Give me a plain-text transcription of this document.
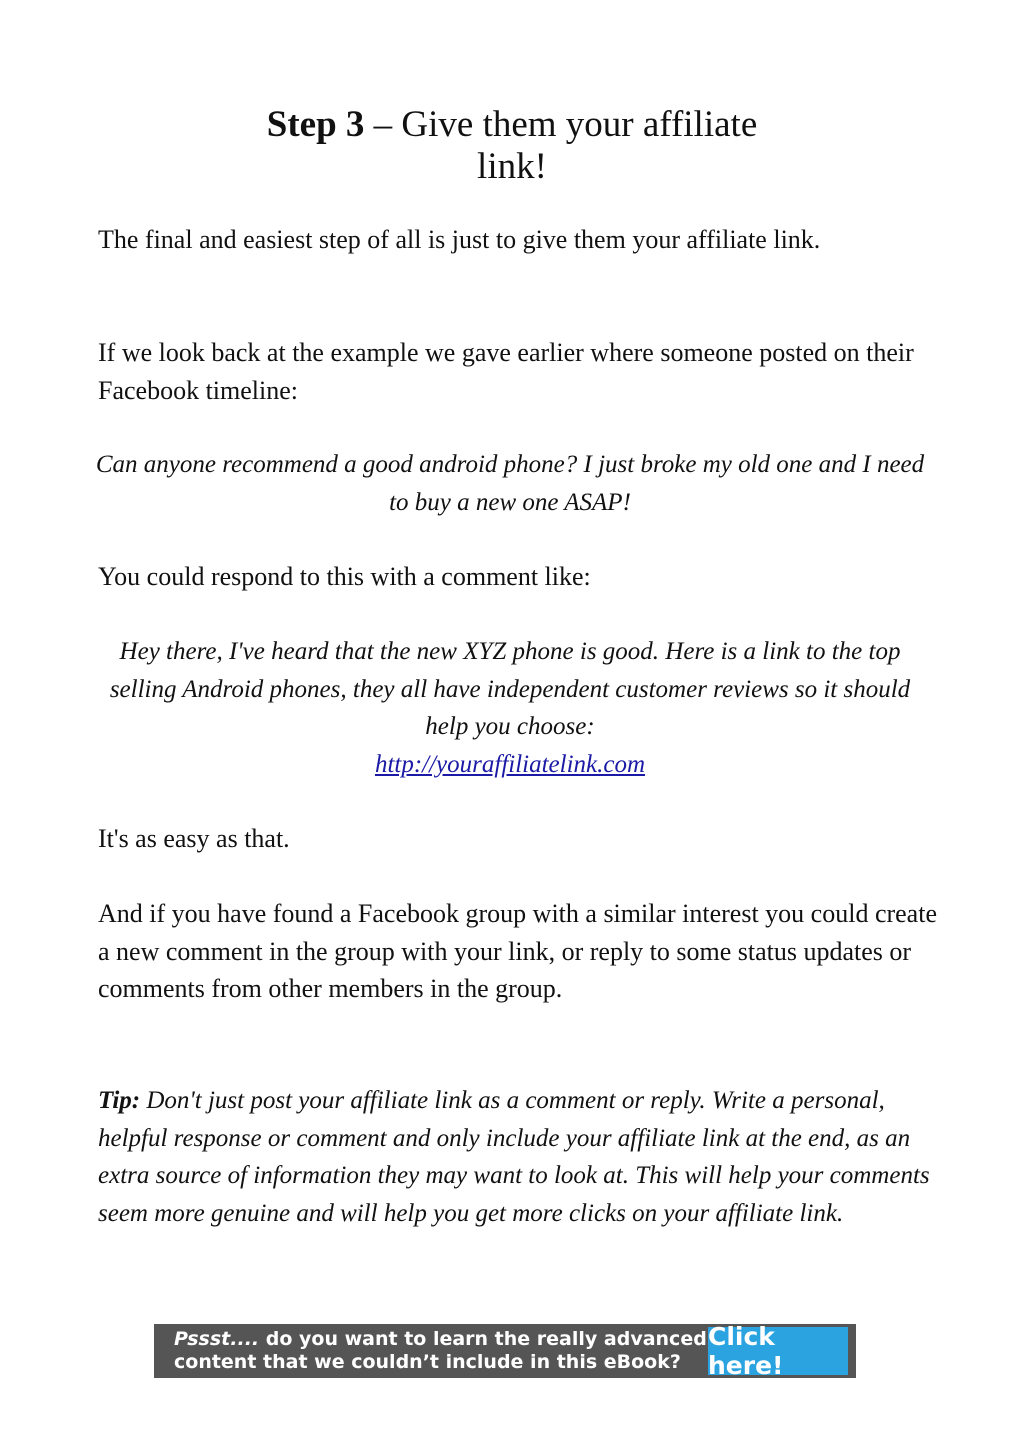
Step 3 – Give them your affiliate
link!

The final and easiest step of all is just to give them your affiliate link.

If we look back at the example we gave earlier where someone posted on their Facebook timeline:

Can anyone recommend a good android phone? I just broke my old one and I need to buy a new one ASAP!

You could respond to this with a comment like:

Hey there, I've heard that the new XYZ phone is good. Here is a link to the top selling Android phones, they all have independent customer reviews so it should help you choose:
http://youraffiliatelink.com

It's as easy as that.

And if you have found a Facebook group with a similar interest you could create a new comment in the group with your link, or reply to some status updates or comments from other members in the group.

Tip: Don't just post your affiliate link as a comment or reply. Write a personal, helpful response or comment and only include your affiliate link at the end, as an extra source of information they may want to look at. This will help your comments seem more genuine and will help you get more clicks on your affiliate link.

Pssst.... do you want to learn the really advanced content that we couldn’t include in this eBook?
Click here!
